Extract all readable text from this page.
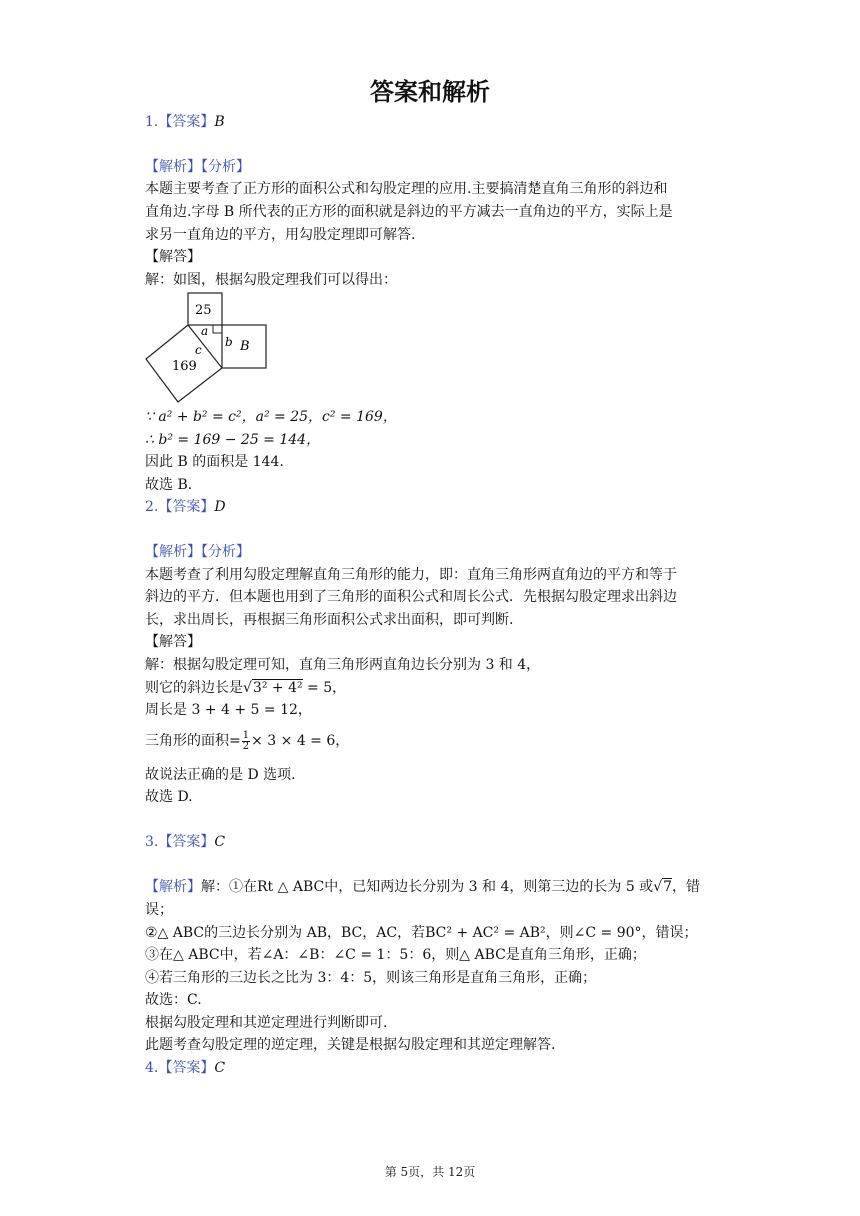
答案和解析
1.【答案】B
【解析】【分析】
本题主要考查了正方形的面积公式和勾股定理的应用.主要搞清楚直角三角形的斜边和
直角边.字母 B 所代表的正方形的面积就是斜边的平方减去一直角边的平方，实际上是
求另一直角边的平方，用勾股定理即可解答.
【解答】
解：如图，根据勾股定理我们可以得出：
25
169
B
a
b
c
∵ a² + b² = c²，a² = 25，c² = 169，
∴ b² = 169 − 25 = 144，
因此 B 的面积是 144.
故选 B.
2.【答案】D
【解析】【分析】
本题考查了利用勾股定理解直角三角形的能力，即：直角三角形两直角边的平方和等于
斜边的平方．但本题也用到了三角形的面积公式和周长公式．先根据勾股定理求出斜边
长，求出周长，再根据三角形面积公式求出面积，即可判断.
【解答】
解：根据勾股定理可知，直角三角形两直角边长分别为 3 和 4，
则它的斜边长是√3² + 4² = 5，
周长是 3 + 4 + 5 = 12，
三角形的面积= $\frac{1}{2} \times 3 \times 4 = 6$，
故说法正确的是 D 选项.
故选 D.
3.【答案】C
【解析】解：①在Rt △ ABC中，已知两边长分别为 3 和 4，则第三边的长为 5 或√7，错
误；
②△ ABC的三边长分别为 AB，BC，AC，若BC² + AC² = AB²，则∠C = 90°，错误；
③在△ ABC中，若∠A：∠B：∠C = 1：5：6，则△ ABC是直角三角形，正确；
④若三角形的三边长之比为 3：4：5，则该三角形是直角三角形，正确；
故选：C.
根据勾股定理和其逆定理进行判断即可.
此题考查勾股定理的逆定理，关键是根据勾股定理和其逆定理解答.
4.【答案】C
第 5页，共 12页
